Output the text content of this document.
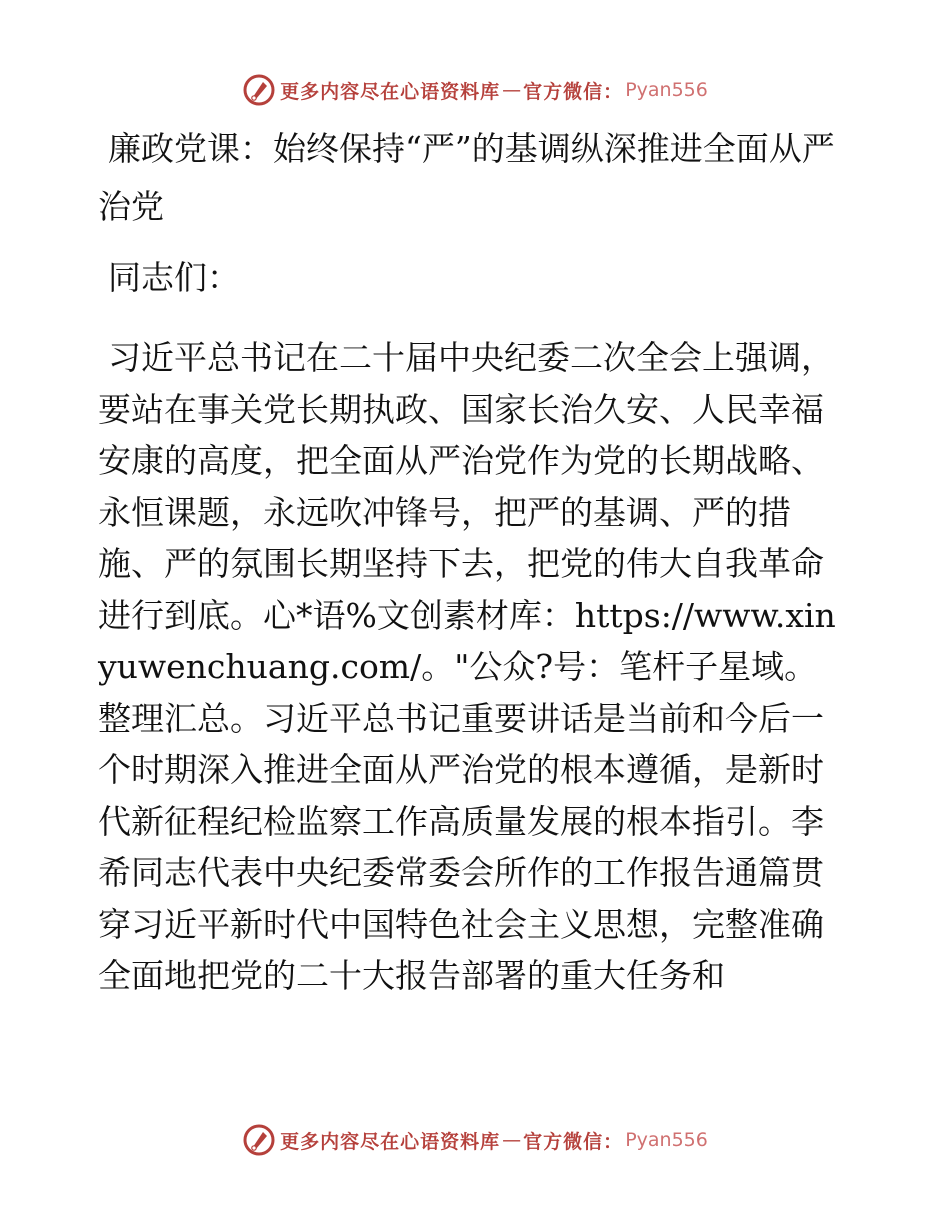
更多内容尽在心语资料库 — 官方微信： Pyan556
廉政党课：始终保持“严”的基调纵深推进全面从严治党

同志们：

习近平总书记在二十届中央纪委二次全会上强调，要站在事关党长期执政、国家长治久安、人民幸福安康的高度，把全面从严治党作为党的长期战略、永恒课题，永远吹冲锋号，把严的基调、严的措施、严的氛围长期坚持下去，把党的伟大自我革命进行到底。心*语%文创素材库：https://www.xinyuwenchuang.com/。"公众?号：笔杆子星域。整理汇总。习近平总书记重要讲话是当前和今后一个时期深入推进全面从严治党的根本遵循，是新时代新征程纪检监察工作高质量发展的根本指引。李希同志代表中央纪委常委会所作的工作报告通篇贯穿习近平新时代中国特色社会主义思想，完整准确全面地把党的二十大报告部署的重大任务和

更多内容尽在心语资料库 — 官方微信： Pyan556
